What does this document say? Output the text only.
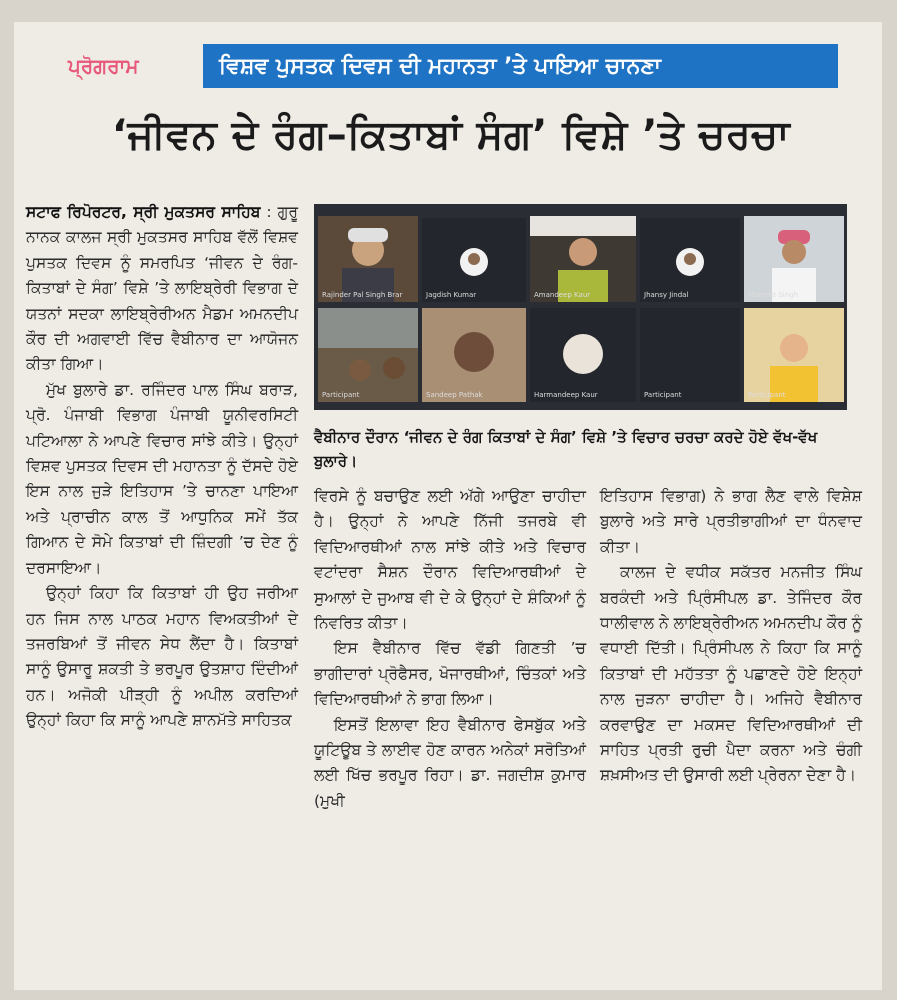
ਪ੍ਰੋਗਰਾਮ	ਵਿਸ਼ਵ ਪੁਸਤਕ ਦਿਵਸ ਦੀ ਮਹਾਨਤਾ ’ਤੇ ਪਾਇਆ ਚਾਨਣਾ
‘ਜੀਵਨ ਦੇ ਰੰਗ–ਕਿਤਾਬਾਂ ਸੰਗ’ ਵਿਸ਼ੇ ’ਤੇ ਚਰਚਾ

ਸਟਾਫ ਰਿਪੋਰਟਰ, ਸ੍ਰੀ ਮੁਕਤਸਰ ਸਾਹਿਬ : ਗੁਰੂ ਨਾਨਕ ਕਾਲਜ ਸ੍ਰੀ ਮੁਕਤਸਰ ਸਾਹਿਬ ਵੱਲੋਂ ਵਿਸ਼ਵ ਪੁਸਤਕ ਦਿਵਸ ਨੂੰ ਸਮਰਪਿਤ ‘ਜੀਵਨ ਦੇ ਰੰਗ-ਕਿਤਾਬਾਂ ਦੇ ਸੰਗ’ ਵਿਸ਼ੇ ’ਤੇ ਲਾਇਬ੍ਰੇਰੀ ਵਿਭਾਗ ਦੇ ਯਤਨਾਂ ਸਦਕਾ ਲਾਇਬ੍ਰੇਰੀਅਨ ਮੈਡਮ ਅਮਨਦੀਪ ਕੌਰ ਦੀ ਅਗਵਾਈ ਵਿੱਚ ਵੈਬੀਨਾਰ ਦਾ ਆਯੋਜਨ ਕੀਤਾ ਗਿਆ।

ਮੁੱਖ ਬੁਲਾਰੇ ਡਾ. ਰਜਿੰਦਰ ਪਾਲ ਸਿੰਘ ਬਰਾੜ, ਪ੍ਰੋ. ਪੰਜਾਬੀ ਵਿਭਾਗ ਪੰਜਾਬੀ ਯੂਨੀਵਰਸਿਟੀ ਪਟਿਆਲਾ ਨੇ ਆਪਣੇ ਵਿਚਾਰ ਸਾਂਝੇ ਕੀਤੇ। ਉਨ੍ਹਾਂ ਵਿਸ਼ਵ ਪੁਸਤਕ ਦਿਵਸ ਦੀ ਮਹਾਨਤਾ ਨੂੰ ਦੱਸਦੇ ਹੋਏ ਇਸ ਨਾਲ ਜੁੜੇ ਇਤਿਹਾਸ ’ਤੇ ਚਾਨਣਾ ਪਾਇਆ ਅਤੇ ਪ੍ਰਾਚੀਨ ਕਾਲ ਤੋਂ ਆਧੁਨਿਕ ਸਮੇਂ ਤੱਕ ਗਿਆਨ ਦੇ ਸੋਮੇ ਕਿਤਾਬਾਂ ਦੀ ਜ਼ਿੰਦਗੀ ’ਚ ਦੇਣ ਨੂੰ ਦਰਸਾਇਆ।

ਉਨ੍ਹਾਂ ਕਿਹਾ ਕਿ ਕਿਤਾਬਾਂ ਹੀ ਉਹ ਜਰੀਆ ਹਨ ਜਿਸ ਨਾਲ ਪਾਠਕ ਮਹਾਨ ਵਿਅਕਤੀਆਂ ਦੇ ਤਜਰਬਿਆਂ ਤੋਂ ਜੀਵਨ ਸੇਧ ਲੈਂਦਾ ਹੈ। ਕਿਤਾਬਾਂ ਸਾਨੂੰ ਉਸਾਰੂ ਸ਼ਕਤੀ ਤੇ ਭਰਪੂਰ ਉਤਸ਼ਾਹ ਦਿੰਦੀਆਂ ਹਨ। ਅਜੋਕੀ ਪੀੜ੍ਹੀ ਨੂੰ ਅਪੀਲ ਕਰਦਿਆਂ ਉਨ੍ਹਾਂ ਕਿਹਾ ਕਿ ਸਾਨੂੰ ਆਪਣੇ ਸ਼ਾਨਮੱਤੇ ਸਾਹਿਤਕ

Rajinder Pal Singh Brar	Jagdish Kumar	Amandeep Kaur	Jhansy Jindal	Manjeet Singh
Participant	Sandeep Pathak	Harmandeep Kaur	Participant	Participant
ਵੈਬੀਨਾਰ ਦੌਰਾਨ ‘ਜੀਵਨ ਦੇ ਰੰਗ ਕਿਤਾਬਾਂ ਦੇ ਸੰਗ’ ਵਿਸ਼ੇ ’ਤੇ ਵਿਚਾਰ ਚਰਚਾ ਕਰਦੇ ਹੋਏ ਵੱਖ-ਵੱਖ ਬੁਲਾਰੇ।

ਵਿਰਸੇ ਨੂੰ ਬਚਾਉਣ ਲਈ ਅੱਗੇ ਆਉਣਾ ਚਾਹੀਦਾ ਹੈ। ਉਨ੍ਹਾਂ ਨੇ ਆਪਣੇ ਨਿੱਜੀ ਤਜਰਬੇ ਵੀ ਵਿਦਿਆਰਥੀਆਂ ਨਾਲ ਸਾਂਝੇ ਕੀਤੇ ਅਤੇ ਵਿਚਾਰ ਵਟਾਂਦਰਾ ਸੈਸ਼ਨ ਦੌਰਾਨ ਵਿਦਿਆਰਥੀਆਂ ਦੇ ਸੁਆਲਾਂ ਦੇ ਜੁਆਬ ਵੀ ਦੇ ਕੇ ਉਨ੍ਹਾਂ ਦੇ ਸ਼ੰਕਿਆਂ ਨੂੰ ਨਿਵਰਿਤ ਕੀਤਾ।

ਇਸ ਵੈਬੀਨਾਰ ਵਿੱਚ ਵੱਡੀ ਗਿਣਤੀ ’ਚ ਭਾਗੀਦਾਰਾਂ ਪ੍ਰੋਫੈਸਰ, ਖੋਜਾਰਥੀਆਂ, ਚਿੰਤਕਾਂ ਅਤੇ ਵਿਦਿਆਰਥੀਆਂ ਨੇ ਭਾਗ ਲਿਆ।

ਇਸਤੋਂ ਇਲਾਵਾ ਇਹ ਵੈਬੀਨਾਰ ਫੇਸਬੁੱਕ ਅਤੇ ਯੂਟਿਊਬ ਤੇ ਲਾਈਵ ਹੋਣ ਕਾਰਨ ਅਨੇਕਾਂ ਸਰੋਤਿਆਂ ਲਈ ਖਿੱਚ ਭਰਪੂਰ ਰਿਹਾ। ਡਾ. ਜਗਦੀਸ਼ ਕੁਮਾਰ (ਮੁਖੀ

ਇਤਿਹਾਸ ਵਿਭਾਗ) ਨੇ ਭਾਗ ਲੈਣ ਵਾਲੇ ਵਿਸ਼ੇਸ਼ ਬੁਲਾਰੇ ਅਤੇ ਸਾਰੇ ਪ੍ਰਤੀਭਾਗੀਆਂ ਦਾ ਧੰਨਵਾਦ ਕੀਤਾ।

ਕਾਲਜ ਦੇ ਵਧੀਕ ਸਕੱਤਰ ਮਨਜੀਤ ਸਿੰਘ ਬਰਕੰਦੀ ਅਤੇ ਪ੍ਰਿੰਸੀਪਲ ਡਾ. ਤੇਜਿੰਦਰ ਕੌਰ ਧਾਲੀਵਾਲ ਨੇ ਲਾਇਬ੍ਰੇਰੀਅਨ ਅਮਨਦੀਪ ਕੌਰ ਨੂੰ ਵਧਾਈ ਦਿੱਤੀ। ਪ੍ਰਿੰਸੀਪਲ ਨੇ ਕਿਹਾ ਕਿ ਸਾਨੂੰ ਕਿਤਾਬਾਂ ਦੀ ਮਹੱਤਤਾ ਨੂੰ ਪਛਾਣਦੇ ਹੋਏ ਇਨ੍ਹਾਂ ਨਾਲ ਜੁੜਨਾ ਚਾਹੀਦਾ ਹੈ। ਅਜਿਹੇ ਵੈਬੀਨਾਰ ਕਰਵਾਉਣ ਦਾ ਮਕਸਦ ਵਿਦਿਆਰਥੀਆਂ ਦੀ ਸਾਹਿਤ ਪ੍ਰਤੀ ਰੁਚੀ ਪੈਦਾ ਕਰਨਾ ਅਤੇ ਚੰਗੀ ਸ਼ਖ਼ਸੀਅਤ ਦੀ ਉਸਾਰੀ ਲਈ ਪ੍ਰੇਰਨਾ ਦੇਣਾ ਹੈ।
